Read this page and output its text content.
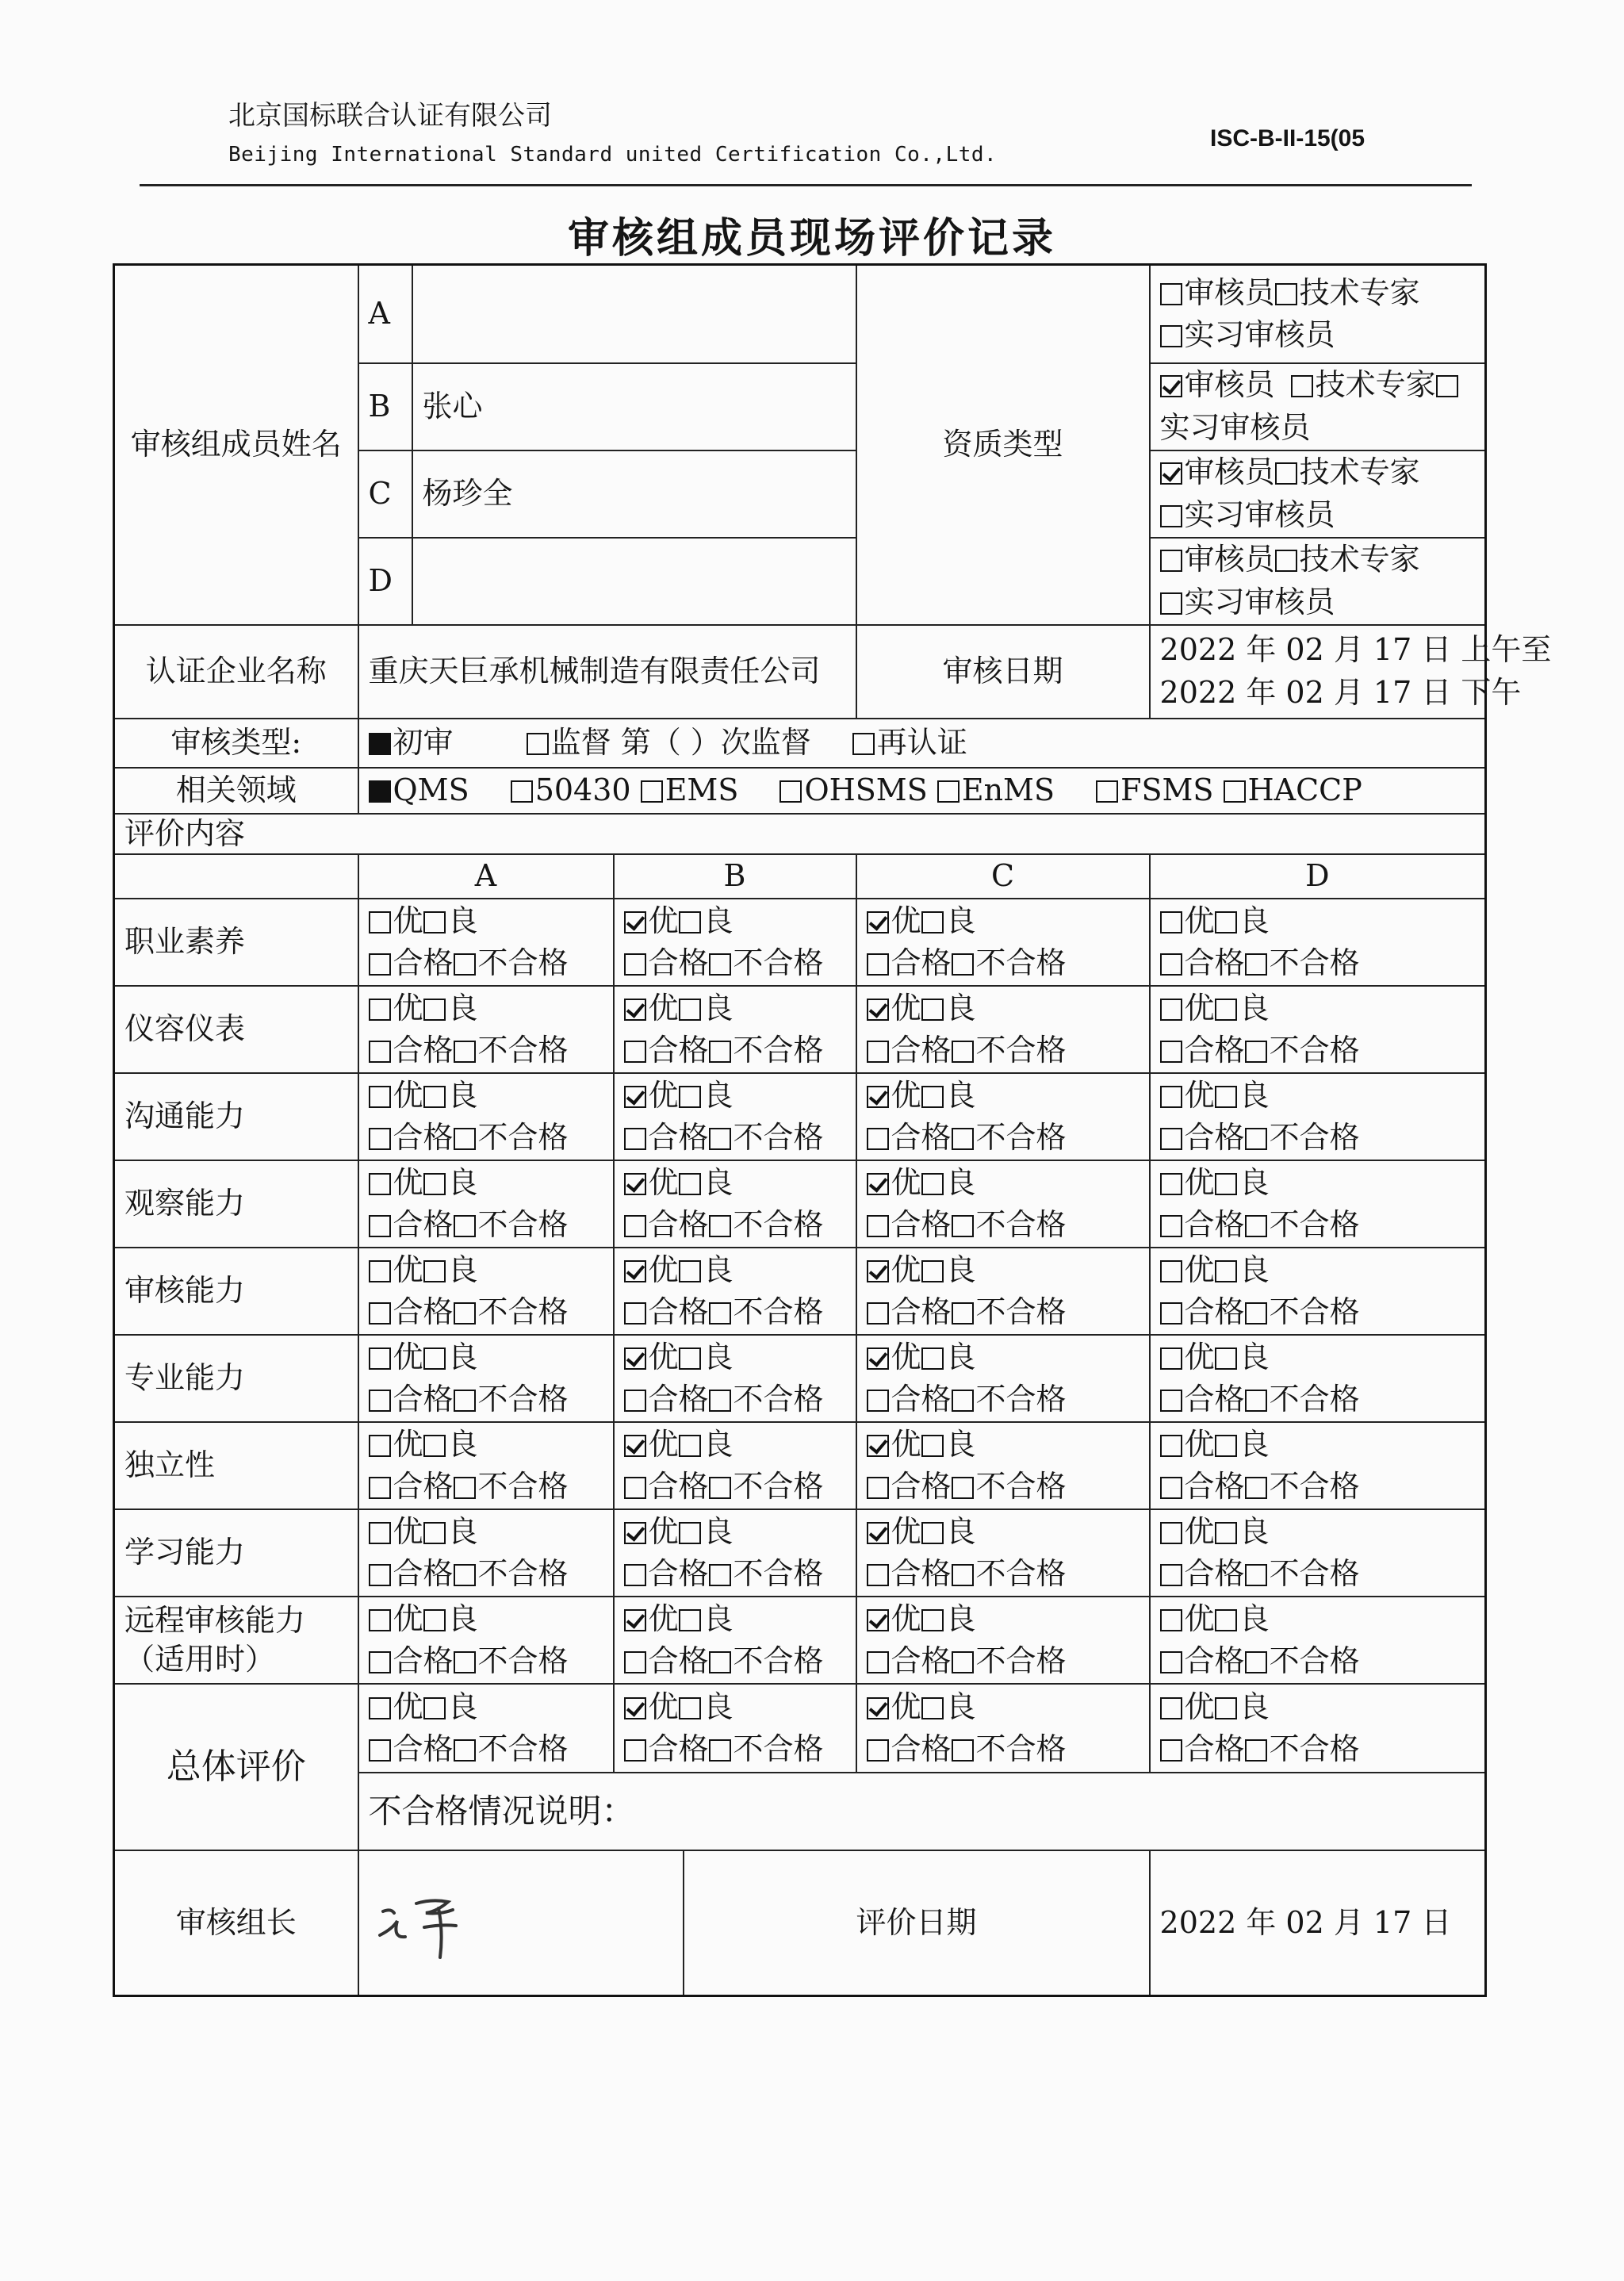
北京国标联合认证有限公司
Beijing International Standard united Certification Co.,Ltd.
ISC-B-II-15(05
审核组成员现场评价记录
审核组成员姓名	A				资质类型	审核员 技术专家
实习审核员

	B	张心				审核员 技术专家
实习审核员

	C	杨珍全				审核员 技术专家
实习审核员

	D					审核员 技术专家
实习审核员

认证企业名称	重庆天巨承机械制造有限责任公司				审核日期	2022 年 02 月 17 日 上午至
2022 年 02 月 17 日 下午

审核类型:	初审 监督 第（ ）次监督 再认证					
相关领域	QMS 50430 EMS OHSMS EnMS FSMS HACCP					
评价内容						
	A		B		C	D

职业素养	优 良
合格 不合格		优 良
合格 不合格		优 良
合格 不合格	优 良
合格 不合格

仪容仪表	优 良
合格 不合格		优 良
合格 不合格		优 良
合格 不合格	优 良
合格 不合格

沟通能力	优 良
合格 不合格		优 良
合格 不合格		优 良
合格 不合格	优 良
合格 不合格

观察能力	优 良
合格 不合格		优 良
合格 不合格		优 良
合格 不合格	优 良
合格 不合格

审核能力	优 良
合格 不合格		优 良
合格 不合格		优 良
合格 不合格	优 良
合格 不合格

专业能力	优 良
合格 不合格		优 良
合格 不合格		优 良
合格 不合格	优 良
合格 不合格

独立性	优 良
合格 不合格		优 良
合格 不合格		优 良
合格 不合格	优 良
合格 不合格

学习能力	优 良
合格 不合格		优 良
合格 不合格		优 良
合格 不合格	优 良
合格 不合格

远程审核能力
（适用时）	优 良
合格 不合格		优 良
合格 不合格		优 良
合格 不合格	优 良
合格 不合格

总体评价	优 良
合格 不合格		优 良
合格 不合格		优 良
合格 不合格	优 良
合格 不合格

	不合格情况说明：					
审核组长				评价日期		2022 年 02 月 17 日
